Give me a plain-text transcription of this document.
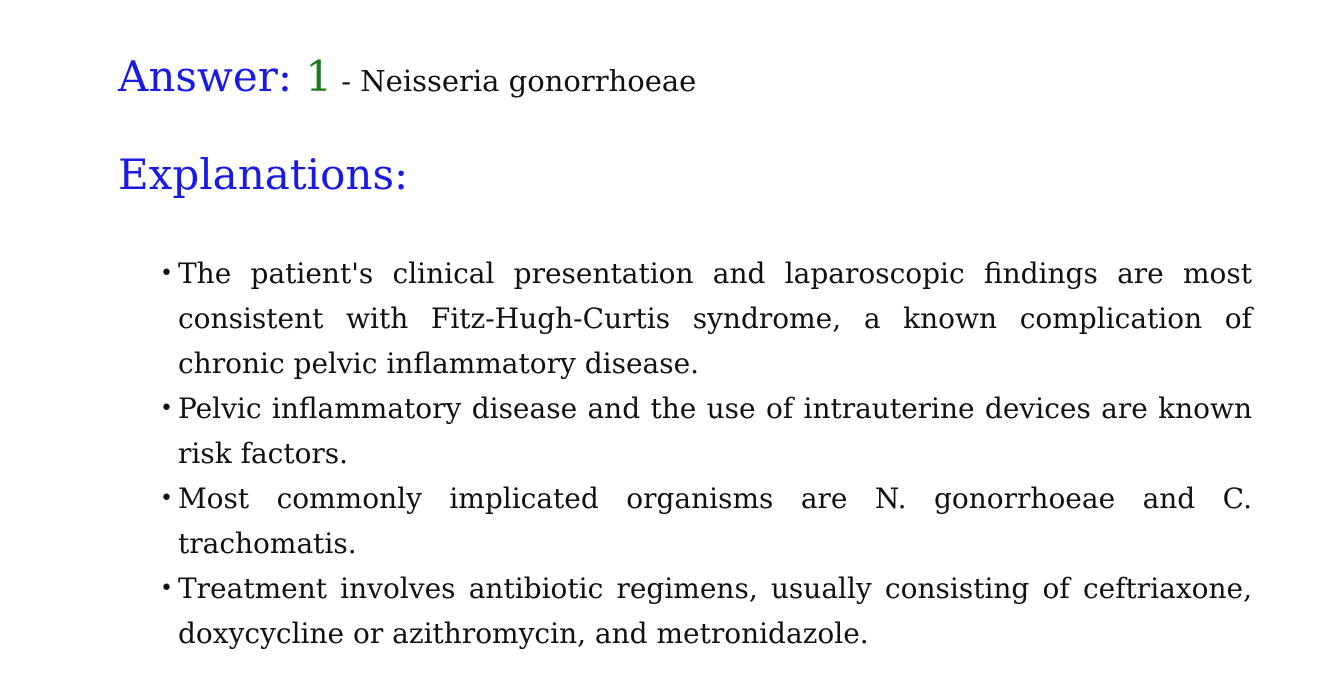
Answer: 1 - Neisseria gonorrhoeae
Explanations:
• The patient's clinical presentation and laparoscopic findings are most consistent with Fitz-Hugh-Curtis syndrome, a known complication of chronic pelvic inflammatory disease.
• Pelvic inflammatory disease and the use of intrauterine devices are known risk factors.
• Most commonly implicated organisms are N. gonorrhoeae and C. trachomatis.
• Treatment involves antibiotic regimens, usually consisting of ceftriaxone, doxycycline or azithromycin, and metronidazole.
